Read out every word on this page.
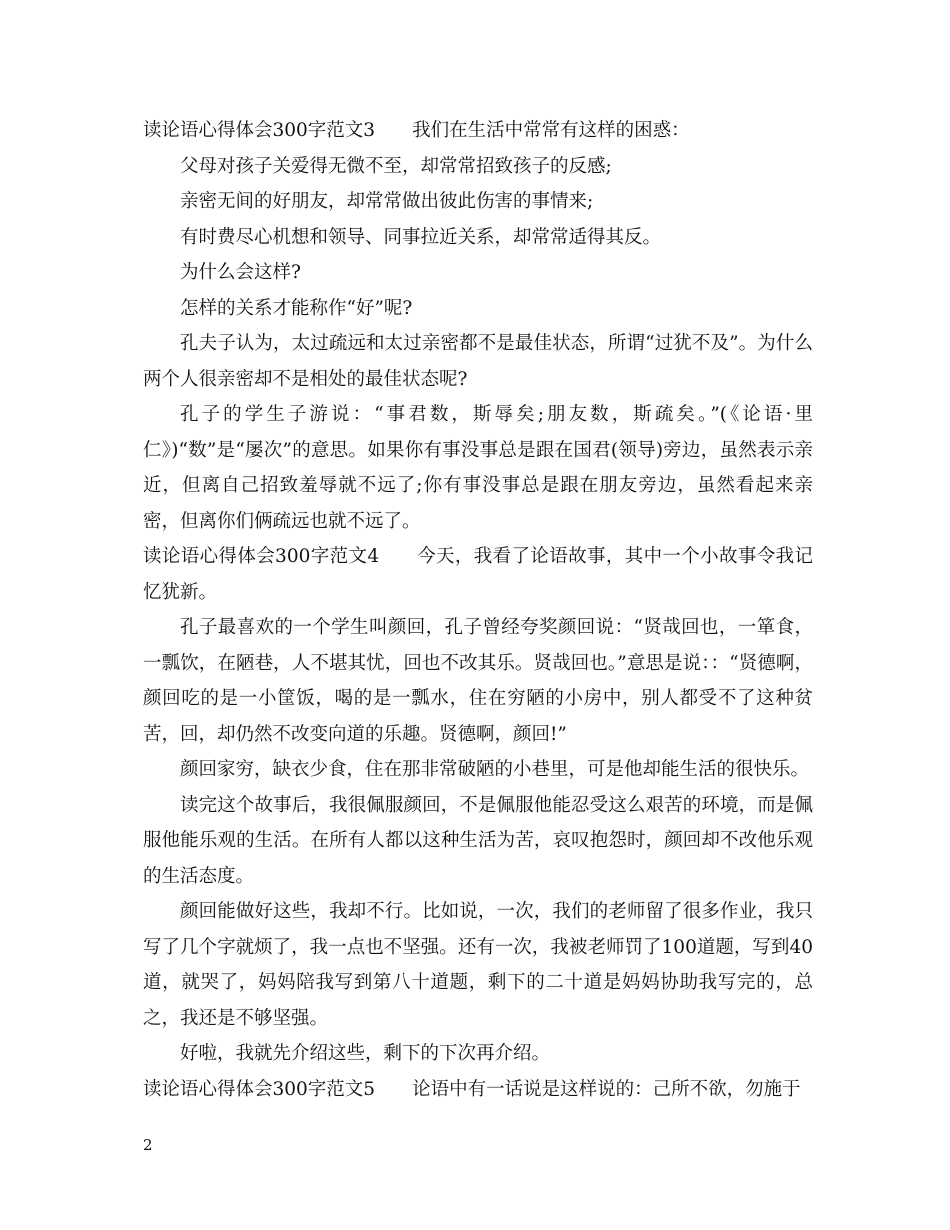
读论语心得体会300字范文3　　我们在生活中常常有这样的困惑：

父母对孩子关爱得无微不至，却常常招致孩子的反感;

亲密无间的好朋友，却常常做出彼此伤害的事情来;

有时费尽心机想和领导、同事拉近关系，却常常适得其反。

为什么会这样?

怎样的关系才能称作“好”呢?

孔夫子认为，太过疏远和太过亲密都不是最佳状态，所谓“过犹不及”。为什么两个人很亲密却不是相处的最佳状态呢?

孔子的学生子游说：“事君数，斯辱矣;朋友数，斯疏矣。”(《论语·里仁》)“数”是“屡次”的意思。如果你有事没事总是跟在国君(领导)旁边，虽然表示亲近，但离自己招致羞辱就不远了;你有事没事总是跟在朋友旁边，虽然看起来亲密，但离你们俩疏远也就不远了。

读论语心得体会300字范文4　　今天，我看了论语故事，其中一个小故事令我记忆犹新。

孔子最喜欢的一个学生叫颜回，孔子曾经夸奖颜回说：“贤哉回也，一箪食，一瓢饮，在陋巷，人不堪其忧，回也不改其乐。贤哉回也。”意思是说：：“贤德啊，颜回吃的是一小筐饭，喝的是一瓢水，住在穷陋的小房中，别人都受不了这种贫苦，回，却仍然不改变向道的乐趣。贤德啊，颜回!”

颜回家穷，缺衣少食，住在那非常破陋的小巷里，可是他却能生活的很快乐。

读完这个故事后，我很佩服颜回，不是佩服他能忍受这么艰苦的环境，而是佩服他能乐观的生活。在所有人都以这种生活为苦，哀叹抱怨时，颜回却不改他乐观的生活态度。

颜回能做好这些，我却不行。比如说，一次，我们的老师留了很多作业，我只写了几个字就烦了，我一点也不坚强。还有一次，我被老师罚了100道题，写到40道，就哭了，妈妈陪我写到第八十道题，剩下的二十道是妈妈协助我写完的，总之，我还是不够坚强。

好啦，我就先介绍这些，剩下的下次再介绍。

读论语心得体会300字范文5　　论语中有一话说是这样说的：己所不欲，勿施于

2
